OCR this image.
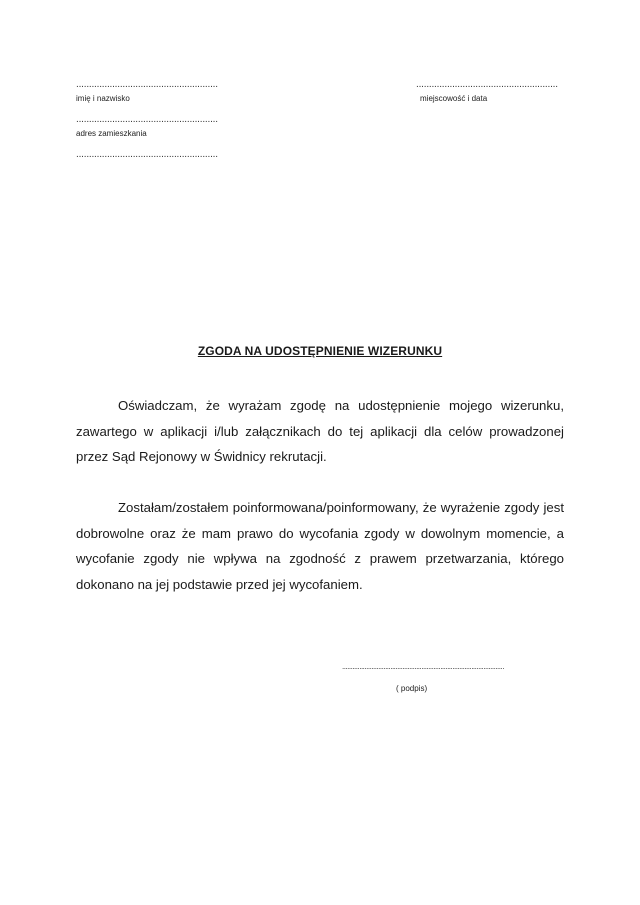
.......................................................
imię i nazwisko
.......................................................
miejscowość i data
.......................................................
adres zamieszkania
.......................................................
ZGODA NA UDOSTĘPNIENIE WIZERUNKU

Oświadczam, że wyrażam zgodę na udostępnienie mojego wizerunku, zawartego w aplikacji i/lub załącznikach do tej aplikacji dla celów prowadzonej przez Sąd Rejonowy w Świdnicy rekrutacji.

Zostałam/zostałem poinformowana/poinformowany, że wyrażenie zgody jest dobrowolne oraz że mam prawo do wycofania zgody w dowolnym momencie, a wycofanie zgody nie wpływa na zgodność z prawem przetwarzania, którego dokonano na jej podstawie przed jej wycofaniem.

..............................................................................................
( podpis)
